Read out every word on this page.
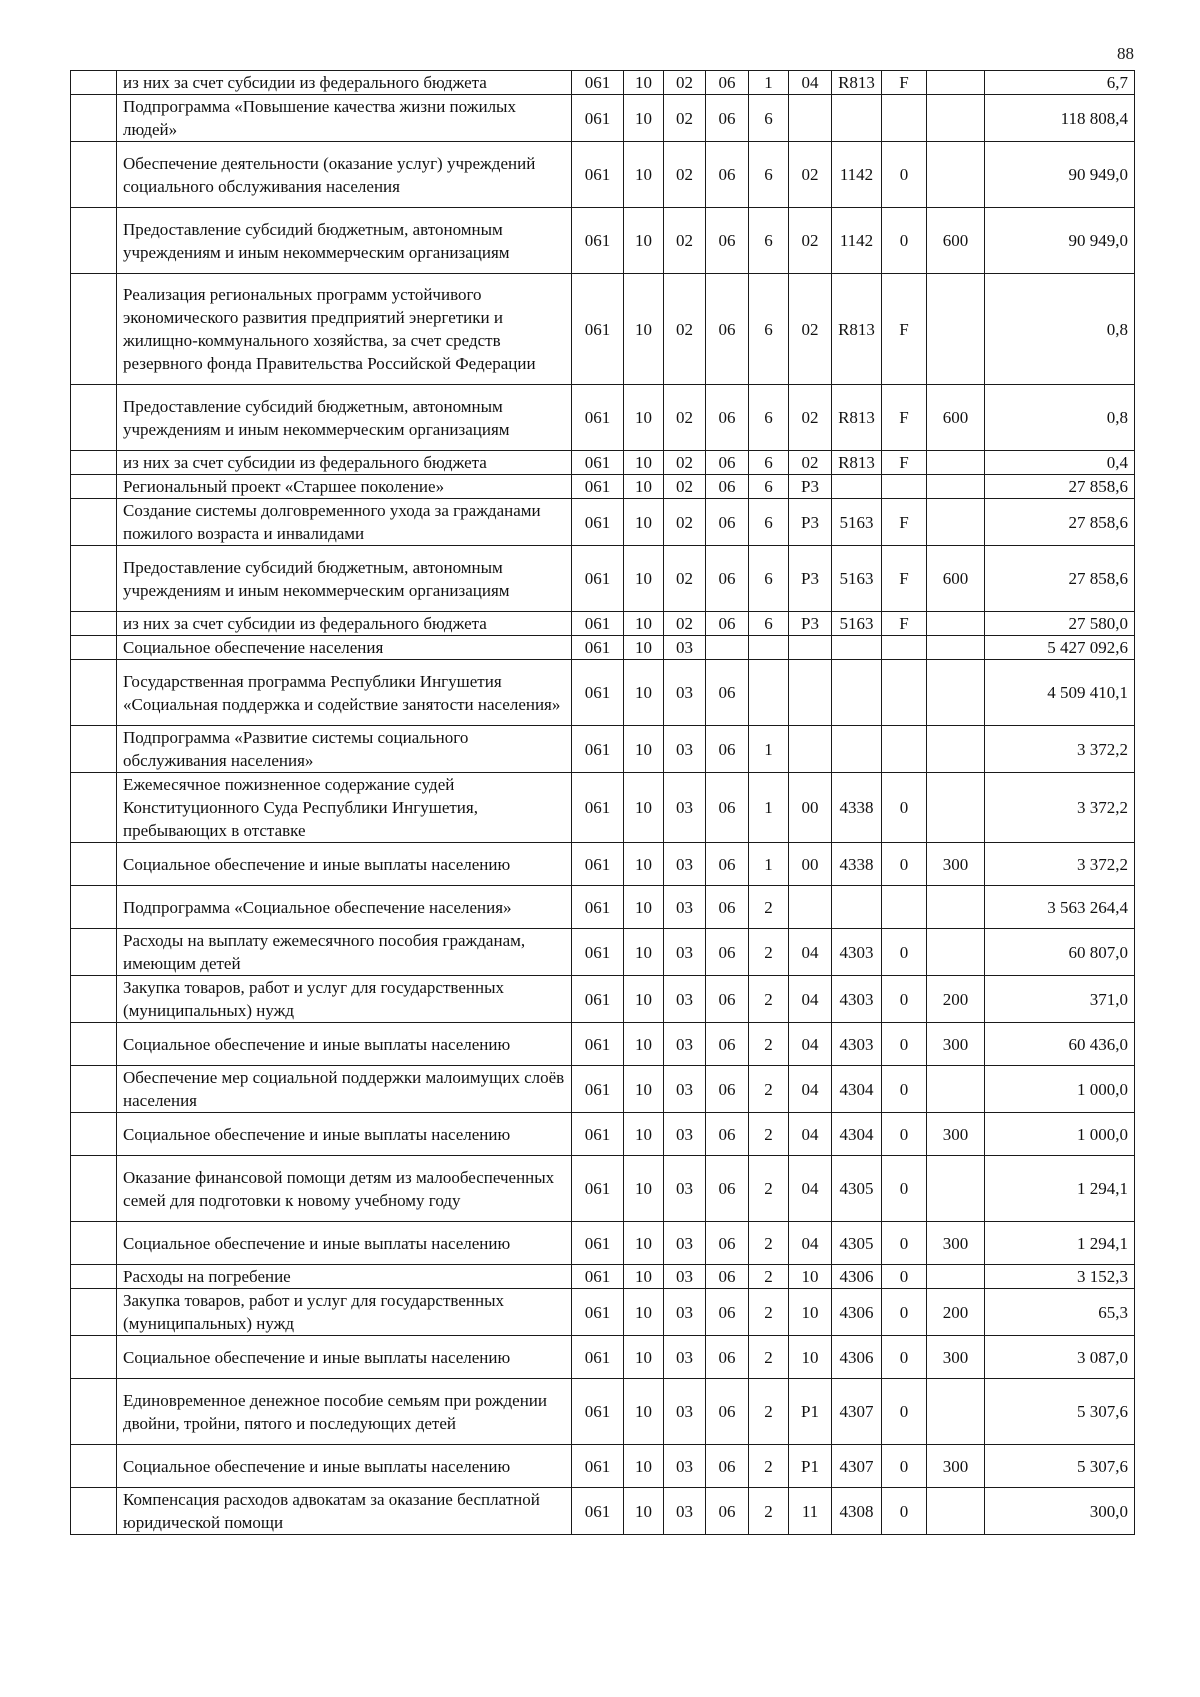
88
	из них за счет субсидии из федерального бюджета	061	10	02	06	1	04	R813	F		6,7
	Подпрограмма «Повышение качества жизни пожилых людей»	061	10	02	06	6					118 808,4
	Обеспечение деятельности (оказание услуг) учреждений социального обслуживания населения	061	10	02	06	6	02	1142	0		90 949,0
	Предоставление субсидий бюджетным, автономным учреждениям и иным некоммерческим организациям	061	10	02	06	6	02	1142	0	600	90 949,0
	Реализация региональных программ устойчивого экономического развития предприятий энергетики и жилищно-коммунального хозяйства, за счет средств резервного фонда Правительства Российской Федерации	061	10	02	06	6	02	R813	F		0,8
	Предоставление субсидий бюджетным, автономным учреждениям и иным некоммерческим организациям	061	10	02	06	6	02	R813	F	600	0,8
	из них за счет субсидии из федерального бюджета	061	10	02	06	6	02	R813	F		0,4
	Региональный проект «Старшее поколение»	061	10	02	06	6	P3				27 858,6
	Создание системы долговременного ухода за гражданами пожилого возраста и инвалидами	061	10	02	06	6	P3	5163	F		27 858,6
	Предоставление субсидий бюджетным, автономным учреждениям и иным некоммерческим организациям	061	10	02	06	6	P3	5163	F	600	27 858,6
	из них за счет субсидии из федерального бюджета	061	10	02	06	6	P3	5163	F		27 580,0
	Социальное обеспечение населения	061	10	03							5 427 092,6
	Государственная программа Республики Ингушетия «Социальная поддержка и содействие занятости населения»	061	10	03	06						4 509 410,1
	Подпрограмма «Развитие системы социального обслуживания населения»	061	10	03	06	1					3 372,2
	Ежемесячное пожизненное содержание судей Конституционного Суда Республики Ингушетия, пребывающих в отставке	061	10	03	06	1	00	4338	0		3 372,2
	Социальное обеспечение и иные выплаты населению	061	10	03	06	1	00	4338	0	300	3 372,2
	Подпрограмма «Социальное обеспечение населения»	061	10	03	06	2					3 563 264,4
	Расходы на выплату ежемесячного пособия гражданам, имеющим детей	061	10	03	06	2	04	4303	0		60 807,0
	Закупка товаров, работ и услуг для государственных (муниципальных) нужд	061	10	03	06	2	04	4303	0	200	371,0
	Социальное обеспечение и иные выплаты населению	061	10	03	06	2	04	4303	0	300	60 436,0
	Обеспечение мер социальной поддержки малоимущих слоёв населения	061	10	03	06	2	04	4304	0		1 000,0
	Социальное обеспечение и иные выплаты населению	061	10	03	06	2	04	4304	0	300	1 000,0
	Оказание финансовой помощи детям из малообеспеченных семей для подготовки к новому учебному году	061	10	03	06	2	04	4305	0		1 294,1
	Социальное обеспечение и иные выплаты населению	061	10	03	06	2	04	4305	0	300	1 294,1
	Расходы на погребение	061	10	03	06	2	10	4306	0		3 152,3
	Закупка товаров, работ и услуг для государственных (муниципальных) нужд	061	10	03	06	2	10	4306	0	200	65,3
	Социальное обеспечение и иные выплаты населению	061	10	03	06	2	10	4306	0	300	3 087,0
	Единовременное денежное пособие семьям при рождении двойни, тройни, пятого и последующих детей	061	10	03	06	2	P1	4307	0		5 307,6
	Социальное обеспечение и иные выплаты населению	061	10	03	06	2	P1	4307	0	300	5 307,6
	Компенсация расходов адвокатам за оказание бесплатной юридической помощи	061	10	03	06	2	11	4308	0		300,0
